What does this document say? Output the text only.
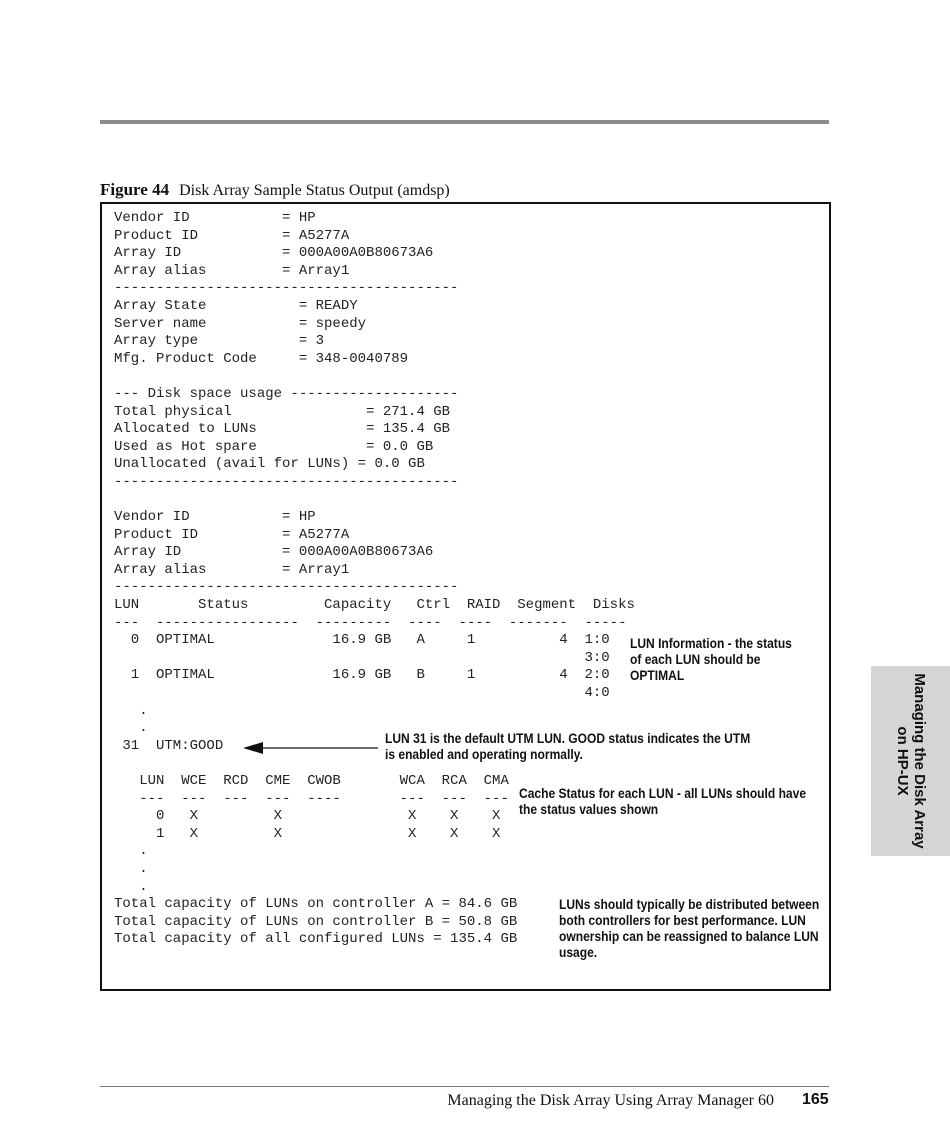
Figure 44 Disk Array Sample Status Output (amdsp)
Vendor ID           = HP
Product ID          = A5277A
Array ID            = 000A00A0B80673A6
Array alias         = Array1
-----------------------------------------
Array State           = READY
Server name           = speedy
Array type            = 3
Mfg. Product Code     = 348-0040789

--- Disk space usage --------------------
Total physical                = 271.4 GB
Allocated to LUNs             = 135.4 GB
Used as Hot spare             = 0.0 GB
Unallocated (avail for LUNs) = 0.0 GB
-----------------------------------------

Vendor ID           = HP
Product ID          = A5277A
Array ID            = 000A00A0B80673A6
Array alias         = Array1
-----------------------------------------
LUN       Status         Capacity   Ctrl  RAID  Segment  Disks
---  -----------------  ---------  ----  ----  -------  -----
0  OPTIMAL              16.9 GB   A     1          4  1:0
3:0
1  OPTIMAL              16.9 GB   B     1          4  2:0
4:0
.
.
31  UTM:GOOD
LUN  WCE  RCD  CME  CWOB       WCA  RCA  CMA
---  ---  ---  ---  ----       ---  ---  ---
0   X         X               X    X    X
1   X         X               X    X    X
.
.
.
Total capacity of LUNs on controller A = 84.6 GB
Total capacity of LUNs on controller B = 50.8 GB
Total capacity of all configured LUNs = 135.4 GB
LUN Information - the status of each LUN should be OPTIMAL
LUN 31 is the default UTM LUN. GOOD status indicates the UTM is enabled and operating normally.
Cache Status for each LUN - all LUNs should have the status values shown
LUNs should typically be distributed between both controllers for best performance. LUN ownership can be reassigned to balance LUN usage.
Managing the Disk Array on HP-UX
Managing the Disk Array Using Array Manager 60 165
